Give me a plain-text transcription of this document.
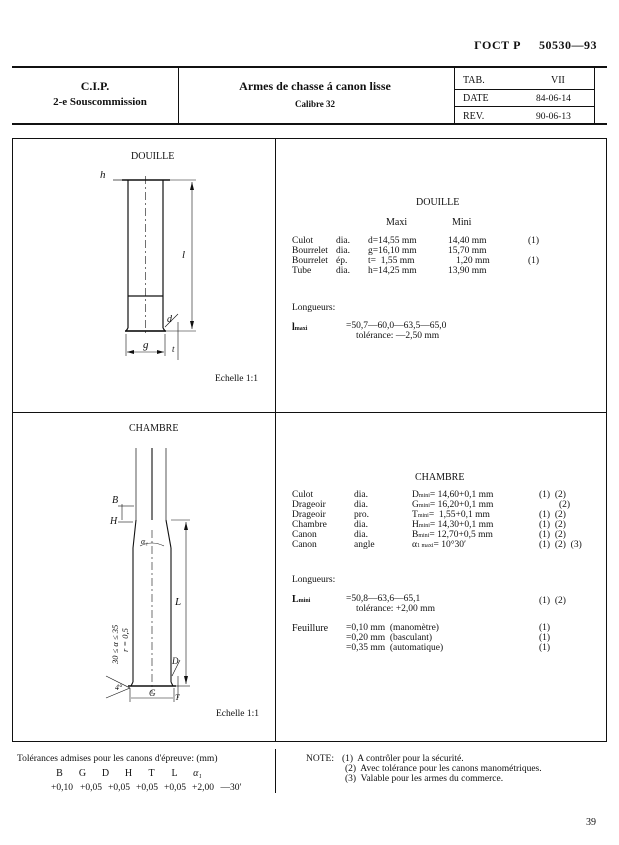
ГОСТ Р 50530—93
C.I.P.
2-e Souscommission
Armes de chasse á canon lisse
Calibre 32
TAB.	VII
DATE	84-06-14
REV.	90-06-13
DOUILLE
h
l
d
g	t
Echelle 1:1
DOUILLE
Maxi	Mini
Culot dia. d=14,55 mm	14,40 mm	(1)
Bourrelet dia. g=16,10 mm	15,70 mm
Bourrelet ép. t=  1,55 mm	1,20 mm	(1)
Tube	dia. h=14,25 mm	13,90 mm
Longueurs:
lmaxi	=50,7—60,0—63,5—65,0
tolérance: —2,50 mm
CHAMBRE
B
H
α₁
L
D
T
G
4°
30 ≤ α ≤ 35 r = 0,5
Echelle 1:1
CHAMBRE
Culot	dia.	Dmini= 14,60+0,1 mm	(1)  (2)
Drageoir	dia.	Gmini= 16,20+0,1 mm	(2)
Drageoir	pro.	Tmini=  1,55+0,1 mm	(1)  (2)
Chambre	dia.	Hmini= 14,30+0,1 mm	(1)  (2)
Canon	dia.	Bmini= 12,70+0,5 mm	(1)  (2)
Canon	angle	α1 maxi= 10°30′	(1)  (2)  (3)
Longueurs:
Lmini	=50,8—63,6—65,1
tolérance: +2,00 mm
(1)  (2)
Feuillure =0,10 mm  (manomètre)	(1)
=0,20 mm  (basculant)	(1)
=0,35 mm  (automatique)	(1)
Tolérances admises pour les canons d'épreuve: (mm)
B G D H T L α₁
+0,10 +0,05 +0,05 +0,05 +0,05 +2,00 —30′
NOTE: (1)  A contrôler pour la sécurité.
(2)  Avec tolérance pour les canons manométriques.
(3)  Valable pour les armes du commerce.
39
